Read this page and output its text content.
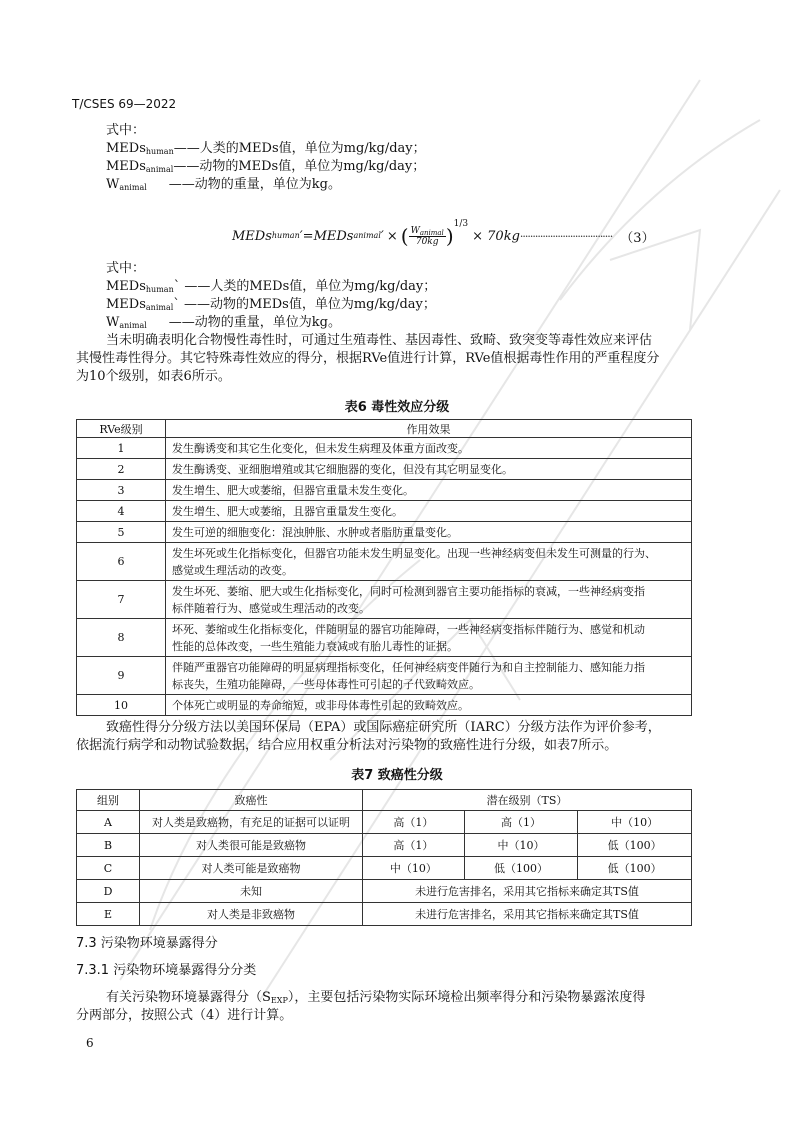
T/CSES 69—2022
式中：
MEDs$_{human}$——人类的MEDs值，单位为mg/kg/day；
MEDs$_{animal}$——动物的MEDs值，单位为mg/kg/day；
$W_{animal}$ ——动物的重量，单位为kg。
MEDs human ′ = MEDs animal ′ × ( $W_{animal}$
70kg ) 1/3
× 70kg ····································· （3）
式中：
MEDs$_{human}$` ——人类的MEDs值，单位为mg/kg/day；
MEDs$_{animal}$` ——动物的MEDs值，单位为mg/kg/day；
$W_{animal}$ ——动物的重量，单位为kg。
当未明确表明化合物慢性毒性时，可通过生殖毒性、基因毒性、致畸、致突变等毒性效应来评估
其慢性毒性得分。其它特殊毒性效应的得分，根据RVe值进行计算，RVe值根据毒性作用的严重程度分
为10个级别，如表6所示。
表6 毒性效应分级
RVe级别	作用效果
1	发生酶诱变和其它生化变化，但未发生病理及体重方面改变。
2	发生酶诱变、亚细胞增殖或其它细胞器的变化，但没有其它明显变化。
3	发生增生、肥大或萎缩，但器官重量未发生变化。
4	发生增生、肥大或萎缩，且器官重量发生变化。
5	发生可逆的细胞变化：混浊肿胀、水肿或者脂肪重量变化。
6	发生坏死或生化指标变化，但器官功能未发生明显变化。出现一些神经病变但未发生可测量的行为、
感觉或生理活动的改变。

7	发生坏死、萎缩、肥大或生化指标变化，同时可检测到器官主要功能指标的衰减，一些神经病变指
标伴随着行为、感觉或生理活动的改变。

8	坏死、萎缩或生化指标变化，伴随明显的器官功能障碍，一些神经病变指标伴随行为、感觉和机动
性能的总体改变，一些生殖能力衰减或有胎儿毒性的证据。

9	伴随严重器官功能障碍的明显病理指标变化，任何神经病变伴随行为和自主控制能力、感知能力指
标丧失，生殖功能障碍，一些母体毒性可引起的子代致畸效应。

10	个体死亡或明显的寿命缩短，或非母体毒性引起的致畸效应。
致癌性得分分级方法以美国环保局（EPA）或国际癌症研究所（IARC）分级方法作为评价参考，
依据流行病学和动物试验数据，结合应用权重分析法对污染物的致癌性进行分级，如表7所示。
表7 致癌性分级
组别	致癌性	潜在级别（TS）		
A	对人类是致癌物，有充足的证据可以证明	高（1）	高（1）	中（10）
B	对人类很可能是致癌物	高（1）	中（10）	低（100）
C	对人类可能是致癌物	中（10）	低（100）	低（100）
D	未知	未进行危害排名，采用其它指标来确定其TS值		
E	对人类是非致癌物	未进行危害排名，采用其它指标来确定其TS值		
7.3 污染物环境暴露得分
7.3.1 污染物环境暴露得分分类
有关污染物环境暴露得分$(S_{EXP})$，主要包括污染物实际环境检出频率得分和污染物暴露浓度得
分两部分，按照公式（4）进行计算。
6
